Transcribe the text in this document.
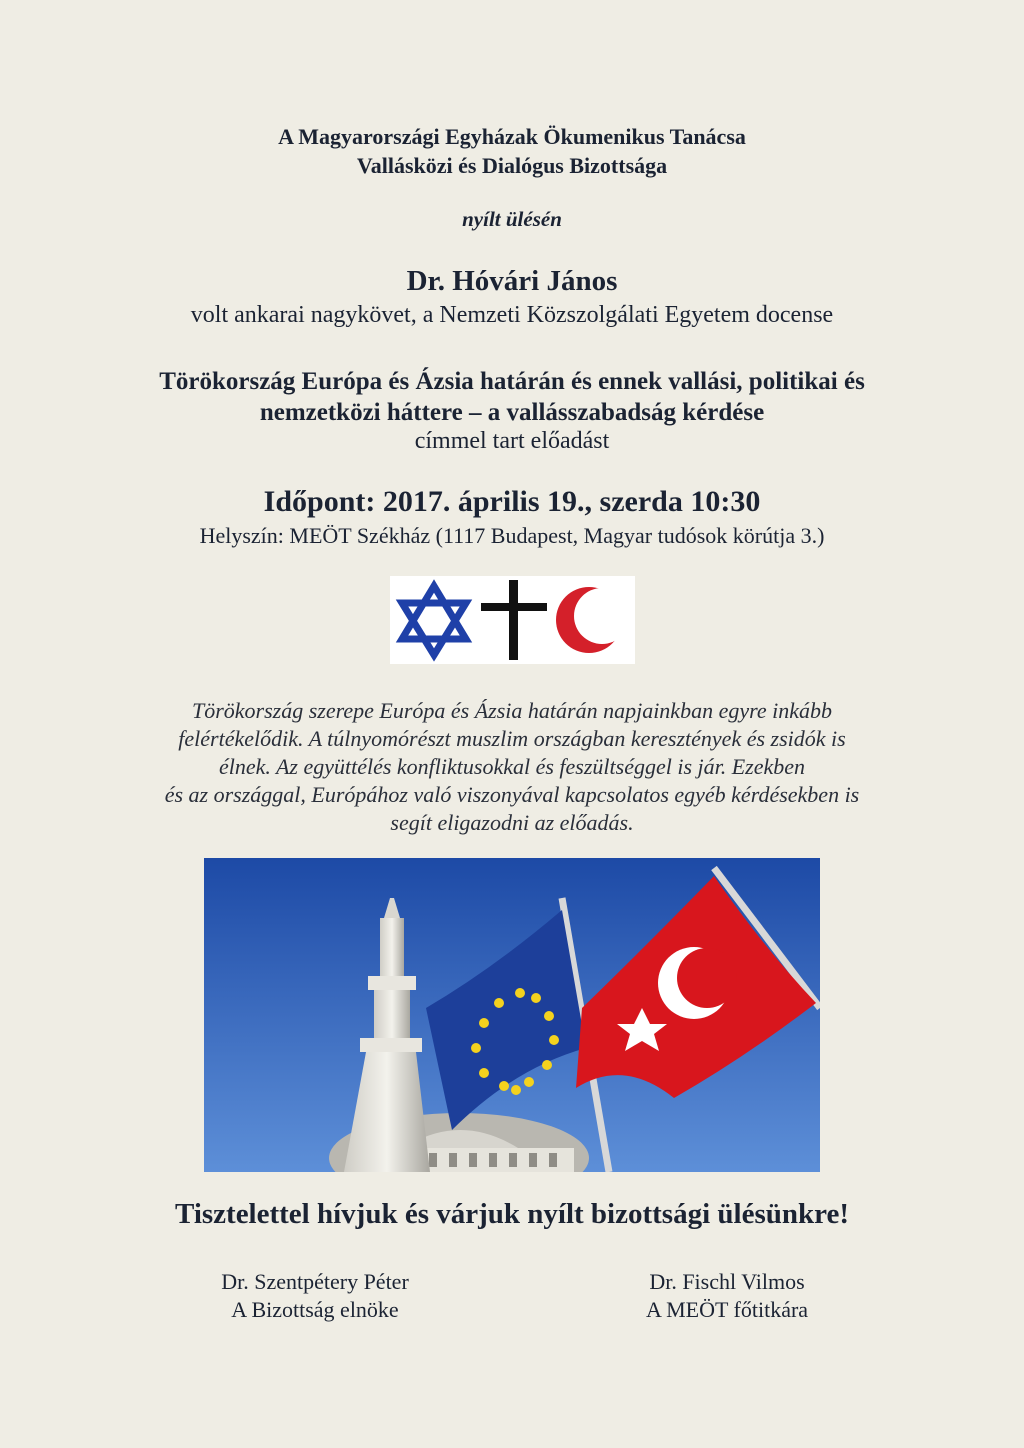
A Magyarországi Egyházak Ökumenikus Tanácsa
Vallásközi és Dialógus Bizottsága
nyílt ülésén
Dr. Hóvári János
volt ankarai nagykövet, a Nemzeti Közszolgálati Egyetem docense
Törökország Európa és Ázsia határán és ennek vallási, politikai és
nemzetközi háttere – a vallásszabadság kérdése
címmel tart előadást
Időpont: 2017. április 19., szerda 10:30
Helyszín: MEÖT Székház (1117 Budapest, Magyar tudósok körútja 3.)
Törökország szerepe Európa és Ázsia határán napjainkban egyre inkább
felértékelődik. A túlnyomórészt muszlim országban keresztények és zsidók is
élnek. Az együttélés konfliktusokkal és feszültséggel is jár. Ezekben
és az országgal, Európához való viszonyával kapcsolatos egyéb kérdésekben is
segít eligazodni az előadás.
Tisztelettel hívjuk és várjuk nyílt bizottsági ülésünkre!
Dr. Szentpétery Péter
A Bizottság elnöke
Dr. Fischl Vilmos
A MEÖT főtitkára
